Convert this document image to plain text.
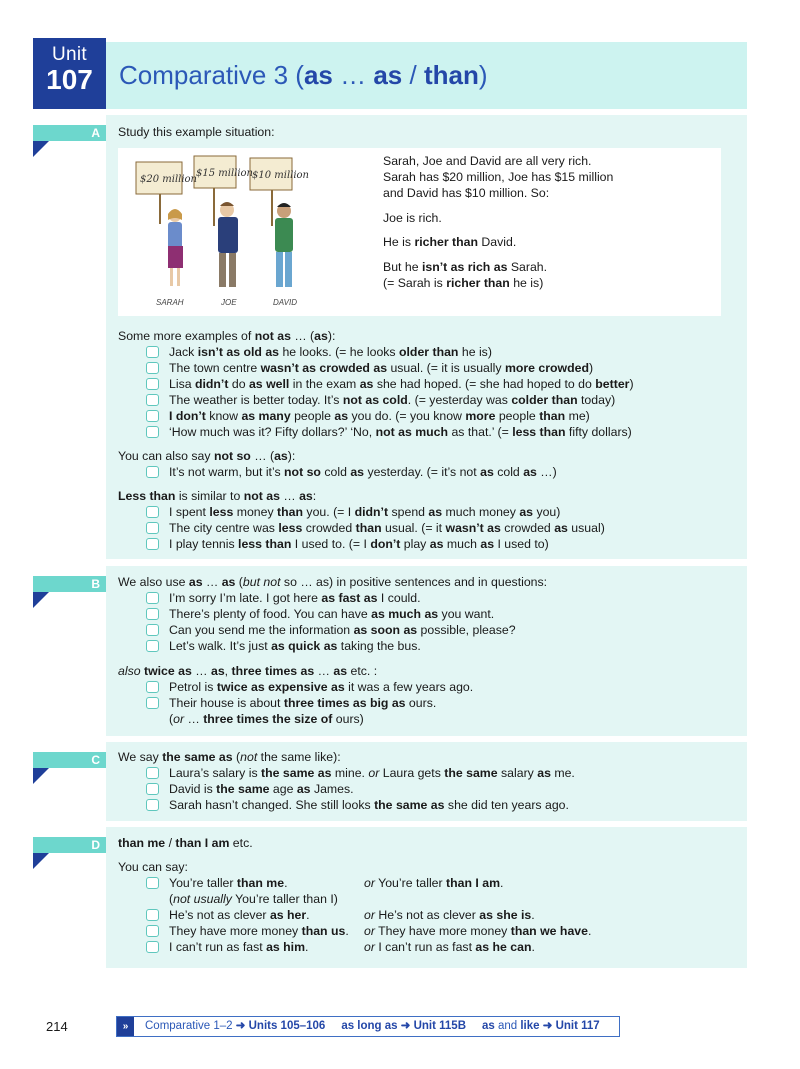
Unit
107	Comparative 3 (as … as / than)
A	Study this example situation:
$20 million
$15 million
$10 million
SARAH	JOE	DAVID
Sarah, Joe and David are all very rich.
Sarah has $20 million, Joe has $15 million
and David has $10 million. So:
Joe is rich.
He is richer than David.
But he isn’t as rich as Sarah.
(= Sarah is richer than he is)
Some more examples of not as … (as):
Jack isn’t as old as he looks. (= he looks older than he is)
The town centre wasn’t as crowded as usual. (= it is usually more crowded)
Lisa didn’t do as well in the exam as she had hoped. (= she had hoped to do better)
The weather is better today. It’s not as cold. (= yesterday was colder than today)
I don’t know as many people as you do. (= you know more people than me)
‘How much was it? Fifty dollars?’ ‘No, not as much as that.’ (= less than fifty dollars)
You can also say not so … (as):
It’s not warm, but it’s not so cold as yesterday. (= it’s not as cold as …)
Less than is similar to not as … as:
I spent less money than you. (= I didn’t spend as much money as you)
The city centre was less crowded than usual. (= it wasn’t as crowded as usual)
I play tennis less than I used to. (= I don’t play as much as I used to)
B	We also use as … as (but not so … as) in positive sentences and in questions:
I’m sorry I’m late. I got here as fast as I could.
There’s plenty of food. You can have as much as you want.
Can you send me the information as soon as possible, please?
Let’s walk. It’s just as quick as taking the bus.
also twice as … as, three times as … as etc. :
Petrol is twice as expensive as it was a few years ago.
Their house is about three times as big as ours.
(or … three times the size of ours)
C	We say the same as (not the same like):
Laura’s salary is the same as mine. or Laura gets the same salary as me.
David is the same age as James.
Sarah hasn’t changed. She still looks the same as she did ten years ago.
D	than me / than I am etc.
You can say:
You’re taller than me.	or You’re taller than I am.
(not usually You’re taller than I)
He’s not as clever as her.	or He’s not as clever as she is.
They have more money than us. or They have more money than we have.
I can’t run as fast as him.	or I can’t run as fast as he can.
214	»	Comparative 1–2 ➜ Units 105–106 as long as ➜ Unit 115B as and like ➜ Unit 117
